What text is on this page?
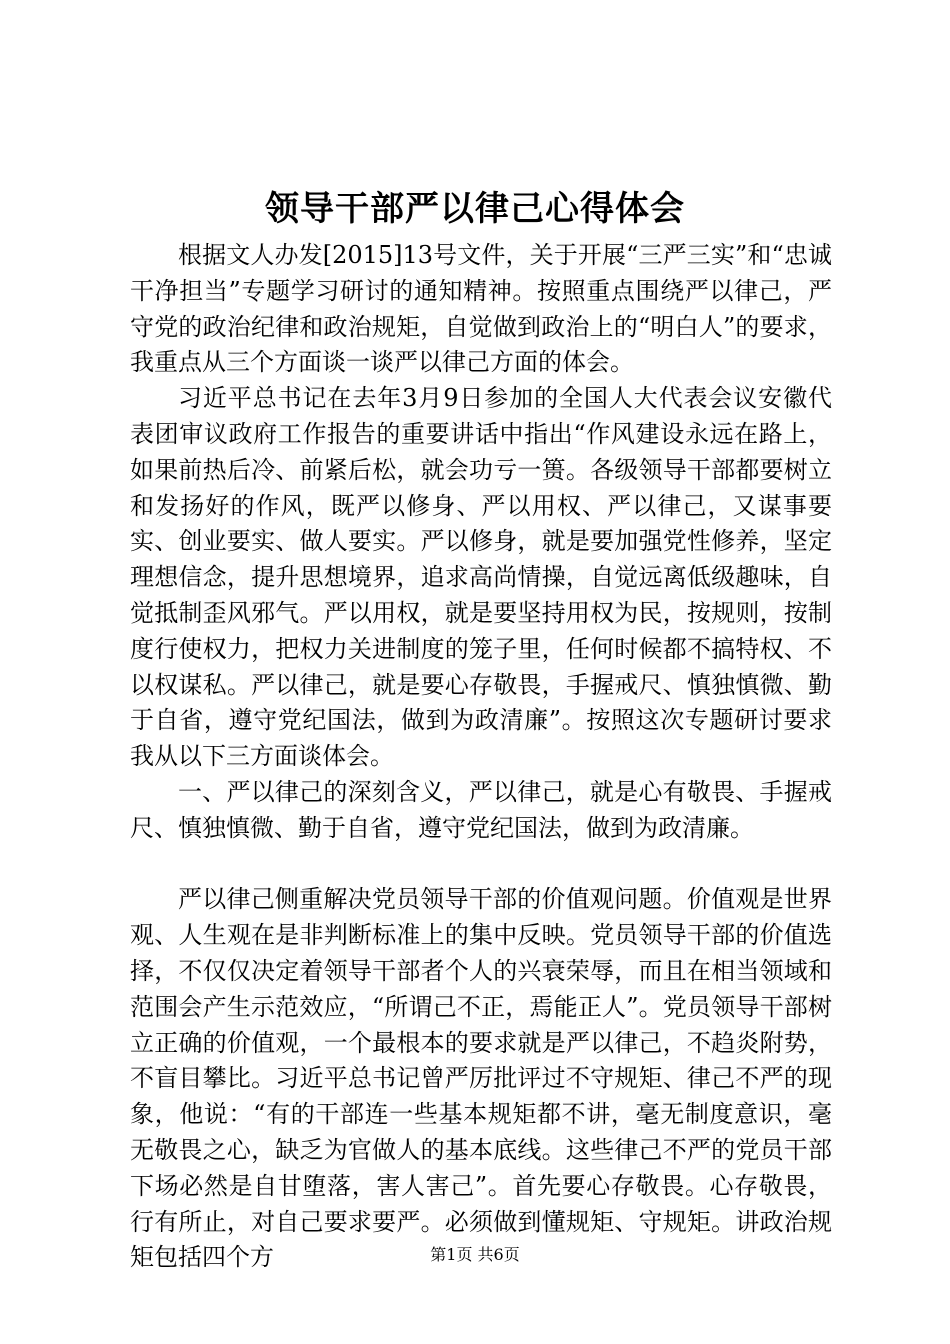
领导干部严以律己心得体会

根据文人办发[2015]13号文件，关于开展“三严三实”和“忠诚干净担当”专题学习研讨的通知精神。按照重点围绕严以律己，严守党的政治纪律和政治规矩，自觉做到政治上的“明白人”的要求，我重点从三个方面谈一谈严以律己方面的体会。

习近平总书记在去年3月9日参加的全国人大代表会议安徽代表团审议政府工作报告的重要讲话中指出“作风建设永远在路上，如果前热后冷、前紧后松，就会功亏一篑。各级领导干部都要树立和发扬好的作风，既严以修身、严以用权、严以律己，又谋事要实、创业要实、做人要实。严以修身，就是要加强党性修养，坚定理想信念，提升思想境界，追求高尚情操，自觉远离低级趣味，自觉抵制歪风邪气。严以用权，就是要坚持用权为民，按规则，按制度行使权力，把权力关进制度的笼子里，任何时候都不搞特权、不以权谋私。严以律己，就是要心存敬畏，手握戒尺、慎独慎微、勤于自省，遵守党纪国法，做到为政清廉”。按照这次专题研讨要求我从以下三方面谈体会。

一、严以律己的深刻含义，严以律己，就是心有敬畏、手握戒尺、慎独慎微、勤于自省，遵守党纪国法，做到为政清廉。

严以律己侧重解决党员领导干部的价值观问题。价值观是世界观、人生观在是非判断标准上的集中反映。党员领导干部的价值选择，不仅仅决定着领导干部者个人的兴衰荣辱，而且在相当领域和范围会产生示范效应，“所谓己不正，焉能正人”。党员领导干部树立正确的价值观，一个最根本的要求就是严以律己，不趋炎附势，不盲目攀比。习近平总书记曾严厉批评过不守规矩、律己不严的现象，他说：“有的干部连一些基本规矩都不讲，毫无制度意识，毫无敬畏之心，缺乏为官做人的基本底线。这些律己不严的党员干部下场必然是自甘堕落，害人害己”。首先要心存敬畏。心存敬畏，行有所止，对自己要求要严。必须做到懂规矩、守规矩。讲政治规矩包括四个方	第1页 共6页
